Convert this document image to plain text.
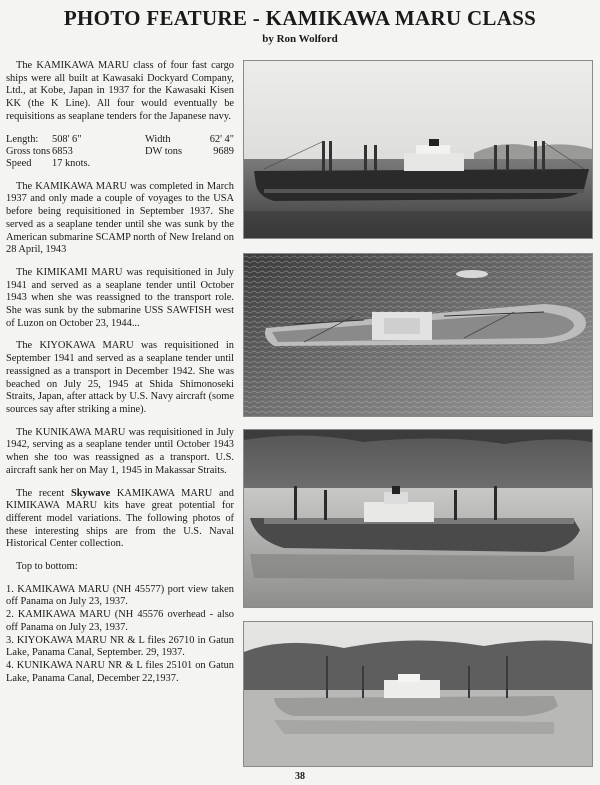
PHOTO FEATURE - KAMIKAWA MARU CLASS
by Ron Wolford

The KAMIKAWA MARU class of four fast cargo ships were all built at Kawasaki Dockyard Company, Ltd., at Kobe, Japan in 1937 for the Kawasaki Kisen KK (the K Line). All four would eventually be requisitions as seaplane tenders for the Japanese navy.

Length:	508' 6"	Width	62' 4"
Gross tons 6853	DW tons	9689
Speed	17 knots.

The KAMIKAWA MARU was completed in March 1937 and only made a couple of voyages to the USA before being requisitioned in September 1937. She served as a seaplane tender until she was sunk by the American submarine SCAMP north of New Ireland on 28 April, 1943

The KIMIKAMI MARU was requisitioned in July 1941 and served as a seaplane tender until October 1943 when she was reassigned to the transport role. She was sunk by the submarine USS SAWFISH west of Luzon on October 23, 1944...

The KIYOKAWA MARU was requisitioned in September 1941 and served as a seaplane tender until reassigned as a transport in December 1942. She was beached on July 25, 1945 at Shida Shimonoseki Straits, Japan, after attack by U.S. Navy aircraft (some sources say after striking a mine).

The KUNIKAWA MARU was requisitioned in July 1942, serving as a seaplane tender until October 1943 when she too was reassigned as a transport. U.S. aircraft sank her on May 1, 1945 in Makassar Straits.

The recent Skywave KAMIKAWA MARU and KIMIKAWA MARU kits have great potential for different model variations. The following photos of these interesting ships are from the U.S. Naval Historical Center collection.

Top to bottom:

1. KAMIKAWA MARU (NH 45577) port view taken off Panama on July 23, 1937.
2. KAMIKAWA MARU (NH 45576 overhead - also off Panama on July 23, 1937.
3. KIYOKAWA MARU NR & L files 26710 in Gatun Lake, Panama Canal, September. 29, 1937.
4. KUNIKAWA NARU NR & L files 25101 on Gatun Lake, Panama Canal, December 22,1937.
38
